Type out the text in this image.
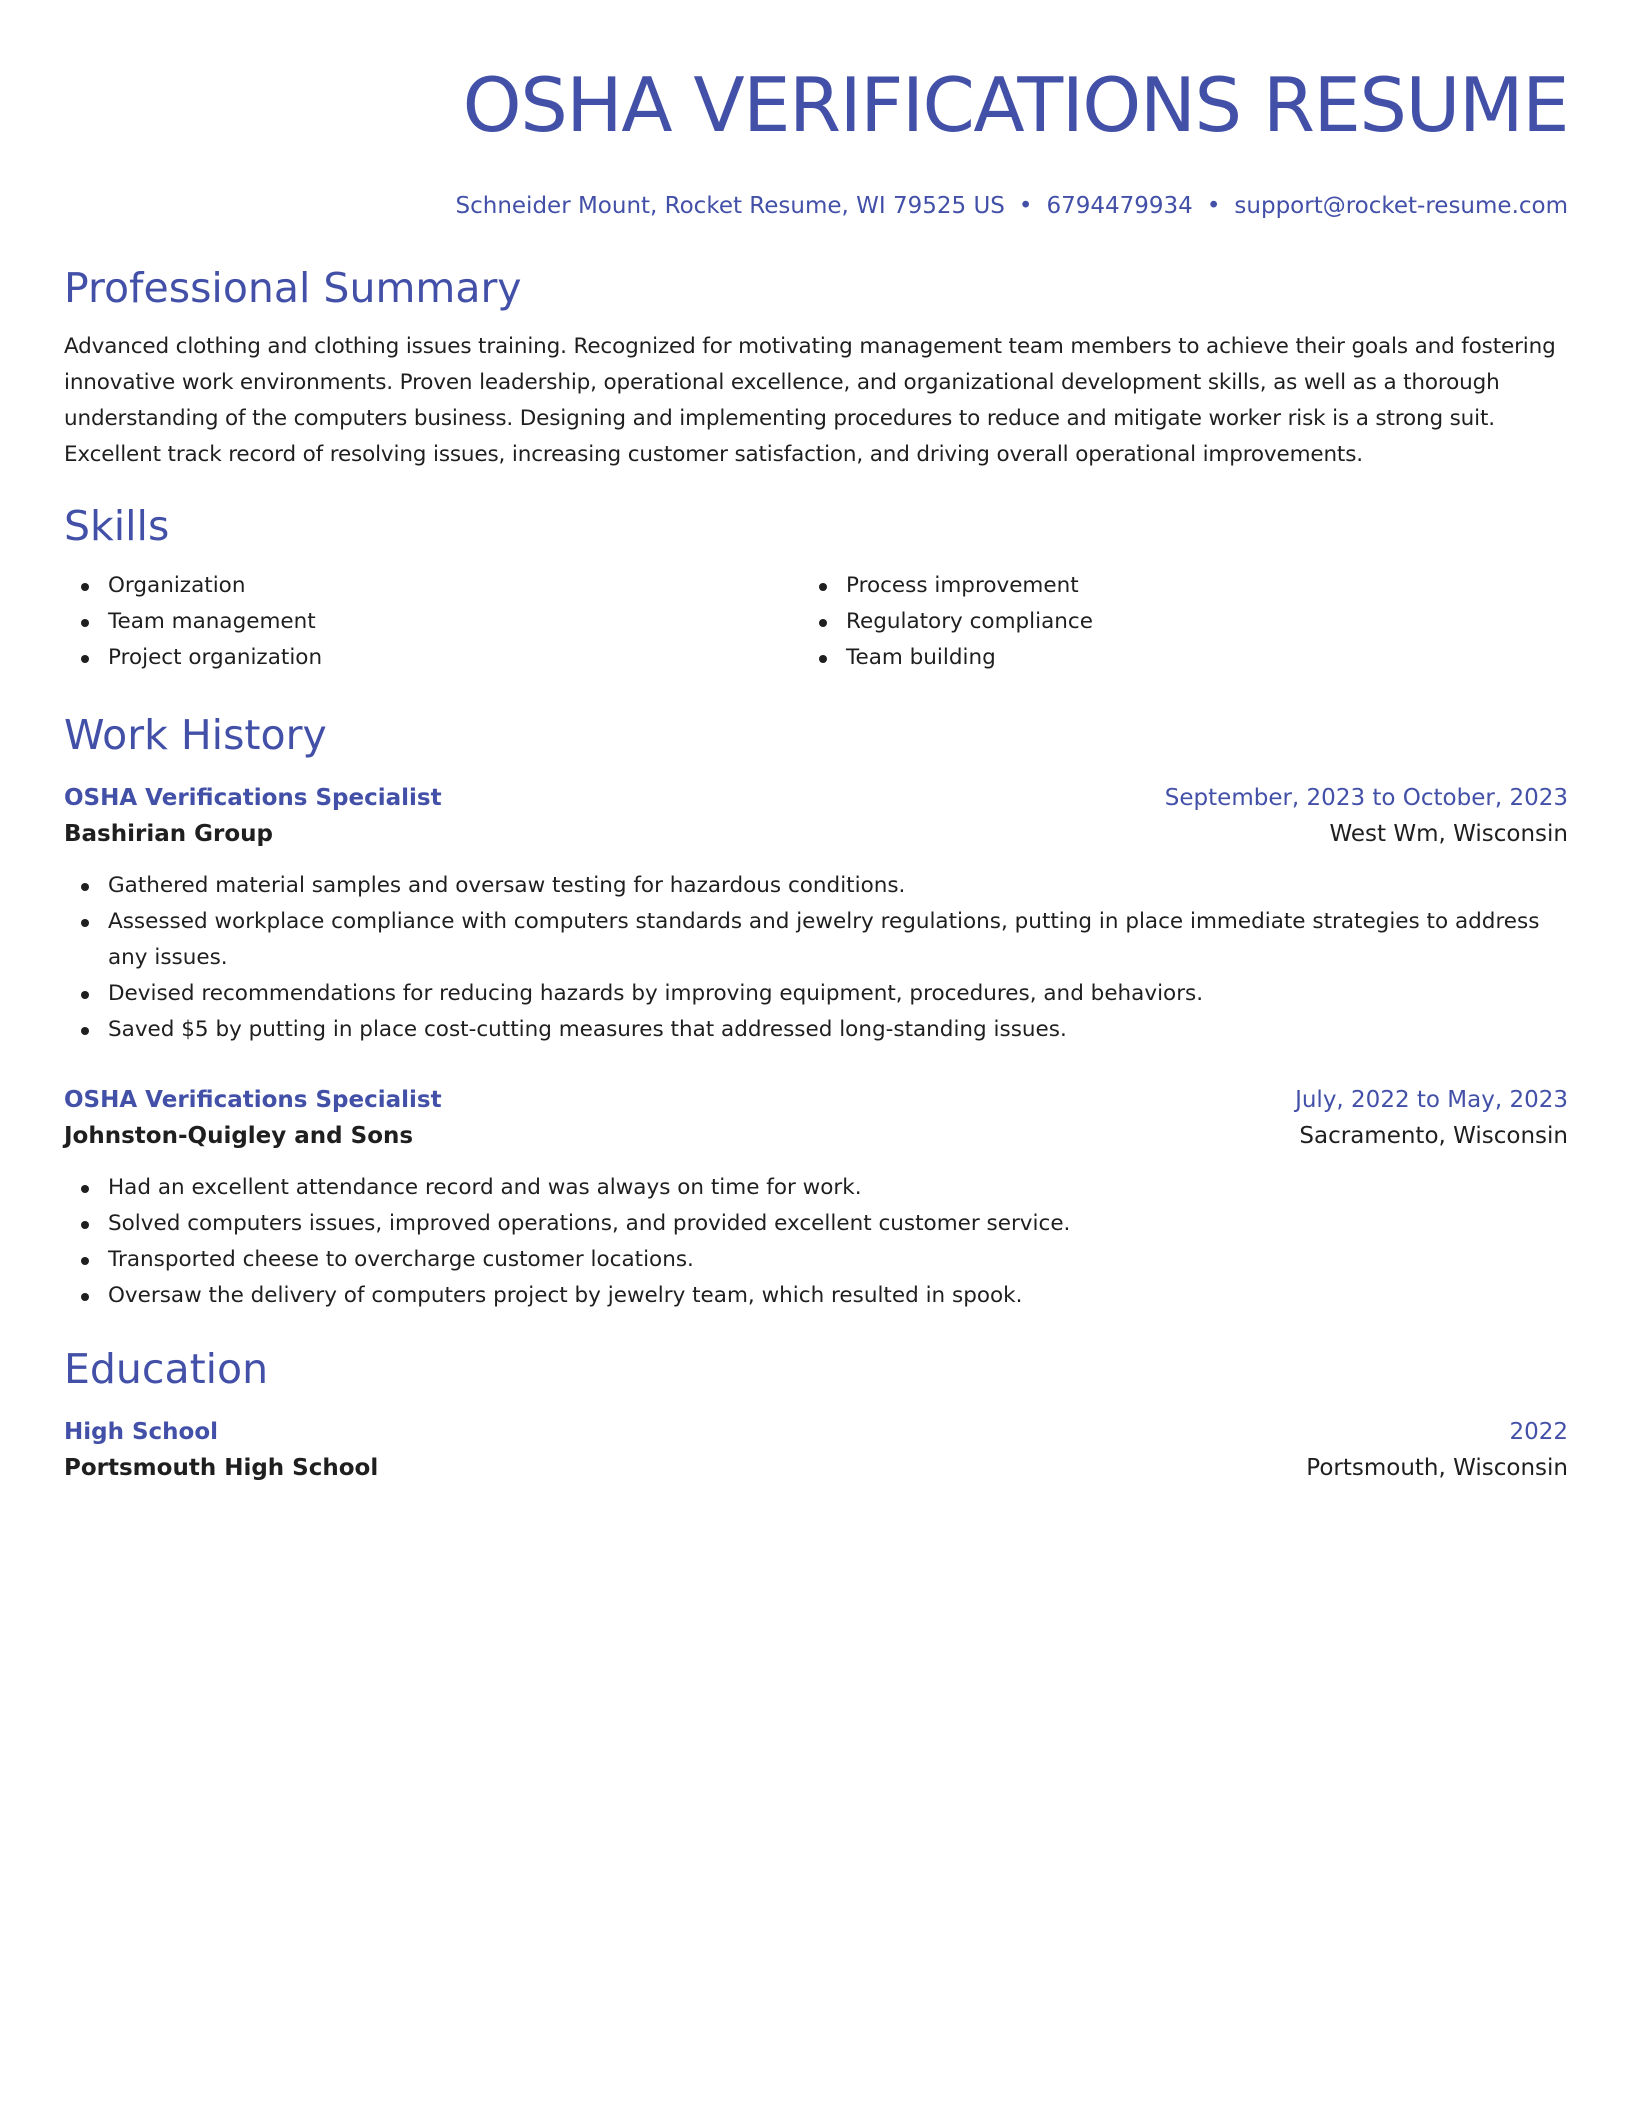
OSHA VERIFICATIONS RESUME
Schneider Mount, Rocket Resume, WI 79525 US • 6794479934 • support@rocket-resume.com
Professional Summary

Advanced clothing and clothing issues training. Recognized for motivating management team members to achieve their goals and fostering innovative work environments. Proven leadership, operational excellence, and organizational development skills, as well as a thorough understanding of the computers business. Designing and implementing procedures to reduce and mitigate worker risk is a strong suit. Excellent track record of resolving issues, increasing customer satisfaction, and driving overall operational improvements.

Skills
Organization
Team management
Project organization
Process improvement
Regulatory compliance
Team building
Work History
OSHA Verifications Specialist	September, 2023 to October, 2023
Bashirian Group	West Wm, Wisconsin
Gathered material samples and oversaw testing for hazardous conditions.
Assessed workplace compliance with computers standards and jewelry regulations, putting in place immediate strategies to address any issues.
Devised recommendations for reducing hazards by improving equipment, procedures, and behaviors.
Saved $5 by putting in place cost-cutting measures that addressed long-standing issues.
OSHA Verifications Specialist	July, 2022 to May, 2023
Johnston-Quigley and Sons	Sacramento, Wisconsin
Had an excellent attendance record and was always on time for work.
Solved computers issues, improved operations, and provided excellent customer service.
Transported cheese to overcharge customer locations.
Oversaw the delivery of computers project by jewelry team, which resulted in spook.
Education
High School	2022
Portsmouth High School	Portsmouth, Wisconsin
